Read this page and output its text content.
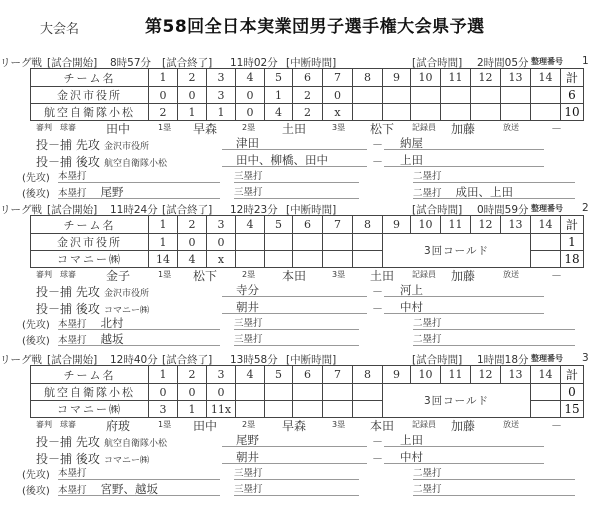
大会名	第58回全日本実業団男子選手権大会県予選
リーグ戦 [試合開始] 8時57分 [試合終了] 11時02分 [中断時間]	[試合時間] 2時間05分 整理番号 1
チーム名	1	2	3	4	5	6	7	8	9	10	11	12	13	14	計
金沢市役所	0	0	3	0	1	2	0								6
航空自衛隊小松	2	1	1	0	4	2	x								10
審判 球審	田中	1塁 早森	2塁 土田	3塁 松下 記録員 加藤	放送	－
投－捕 先攻 金沢市役所	津田	－	納屋
投－捕 後攻 航空自衛隊小松	田中、柳橋、田中	－	上田
(先攻) 本塁打	三塁打	二塁打
(後攻) 本塁打 尾野	三塁打	二塁打 成田、上田
リーグ戦 [試合開始] 11時24分 [試合終了] 12時23分 [中断時間]	[試合時間] 0時間59分 整理番号 2
チーム名	1	2	3	4	5	6	7	8	9	10	11	12	13	14	計
金沢市役所	1	0	0						3回コールド						1
コマニー㈱	14	4	x												18
審判 球審	金子	1塁 松下	2塁 本田	3塁 土田 記録員 加藤	放送	－
投－捕 先攻 金沢市役所	寺分	－	河上
投－捕 後攻 コマニー㈱	朝井	－	中村
(先攻) 本塁打 北村	三塁打	二塁打
(後攻) 本塁打 越坂	三塁打	二塁打
リーグ戦 [試合開始] 12時40分 [試合終了] 13時58分 [中断時間]	[試合時間] 1時間18分 整理番号 3
チーム名	1	2	3	4	5	6	7	8	9	10	11	12	13	14	計
航空自衛隊小松	0	0	0						3回コールド						0
コマニー㈱	3	1	11x												15
審判 球審	府玻	1塁 田中	2塁 早森	3塁 本田 記録員 加藤	放送	－
投－捕 先攻 航空自衛隊小松	尾野	－	上田
投－捕 後攻 コマニー㈱	朝井	－	中村
(先攻) 本塁打	三塁打	二塁打
(後攻) 本塁打 宮野、越坂	三塁打	二塁打
